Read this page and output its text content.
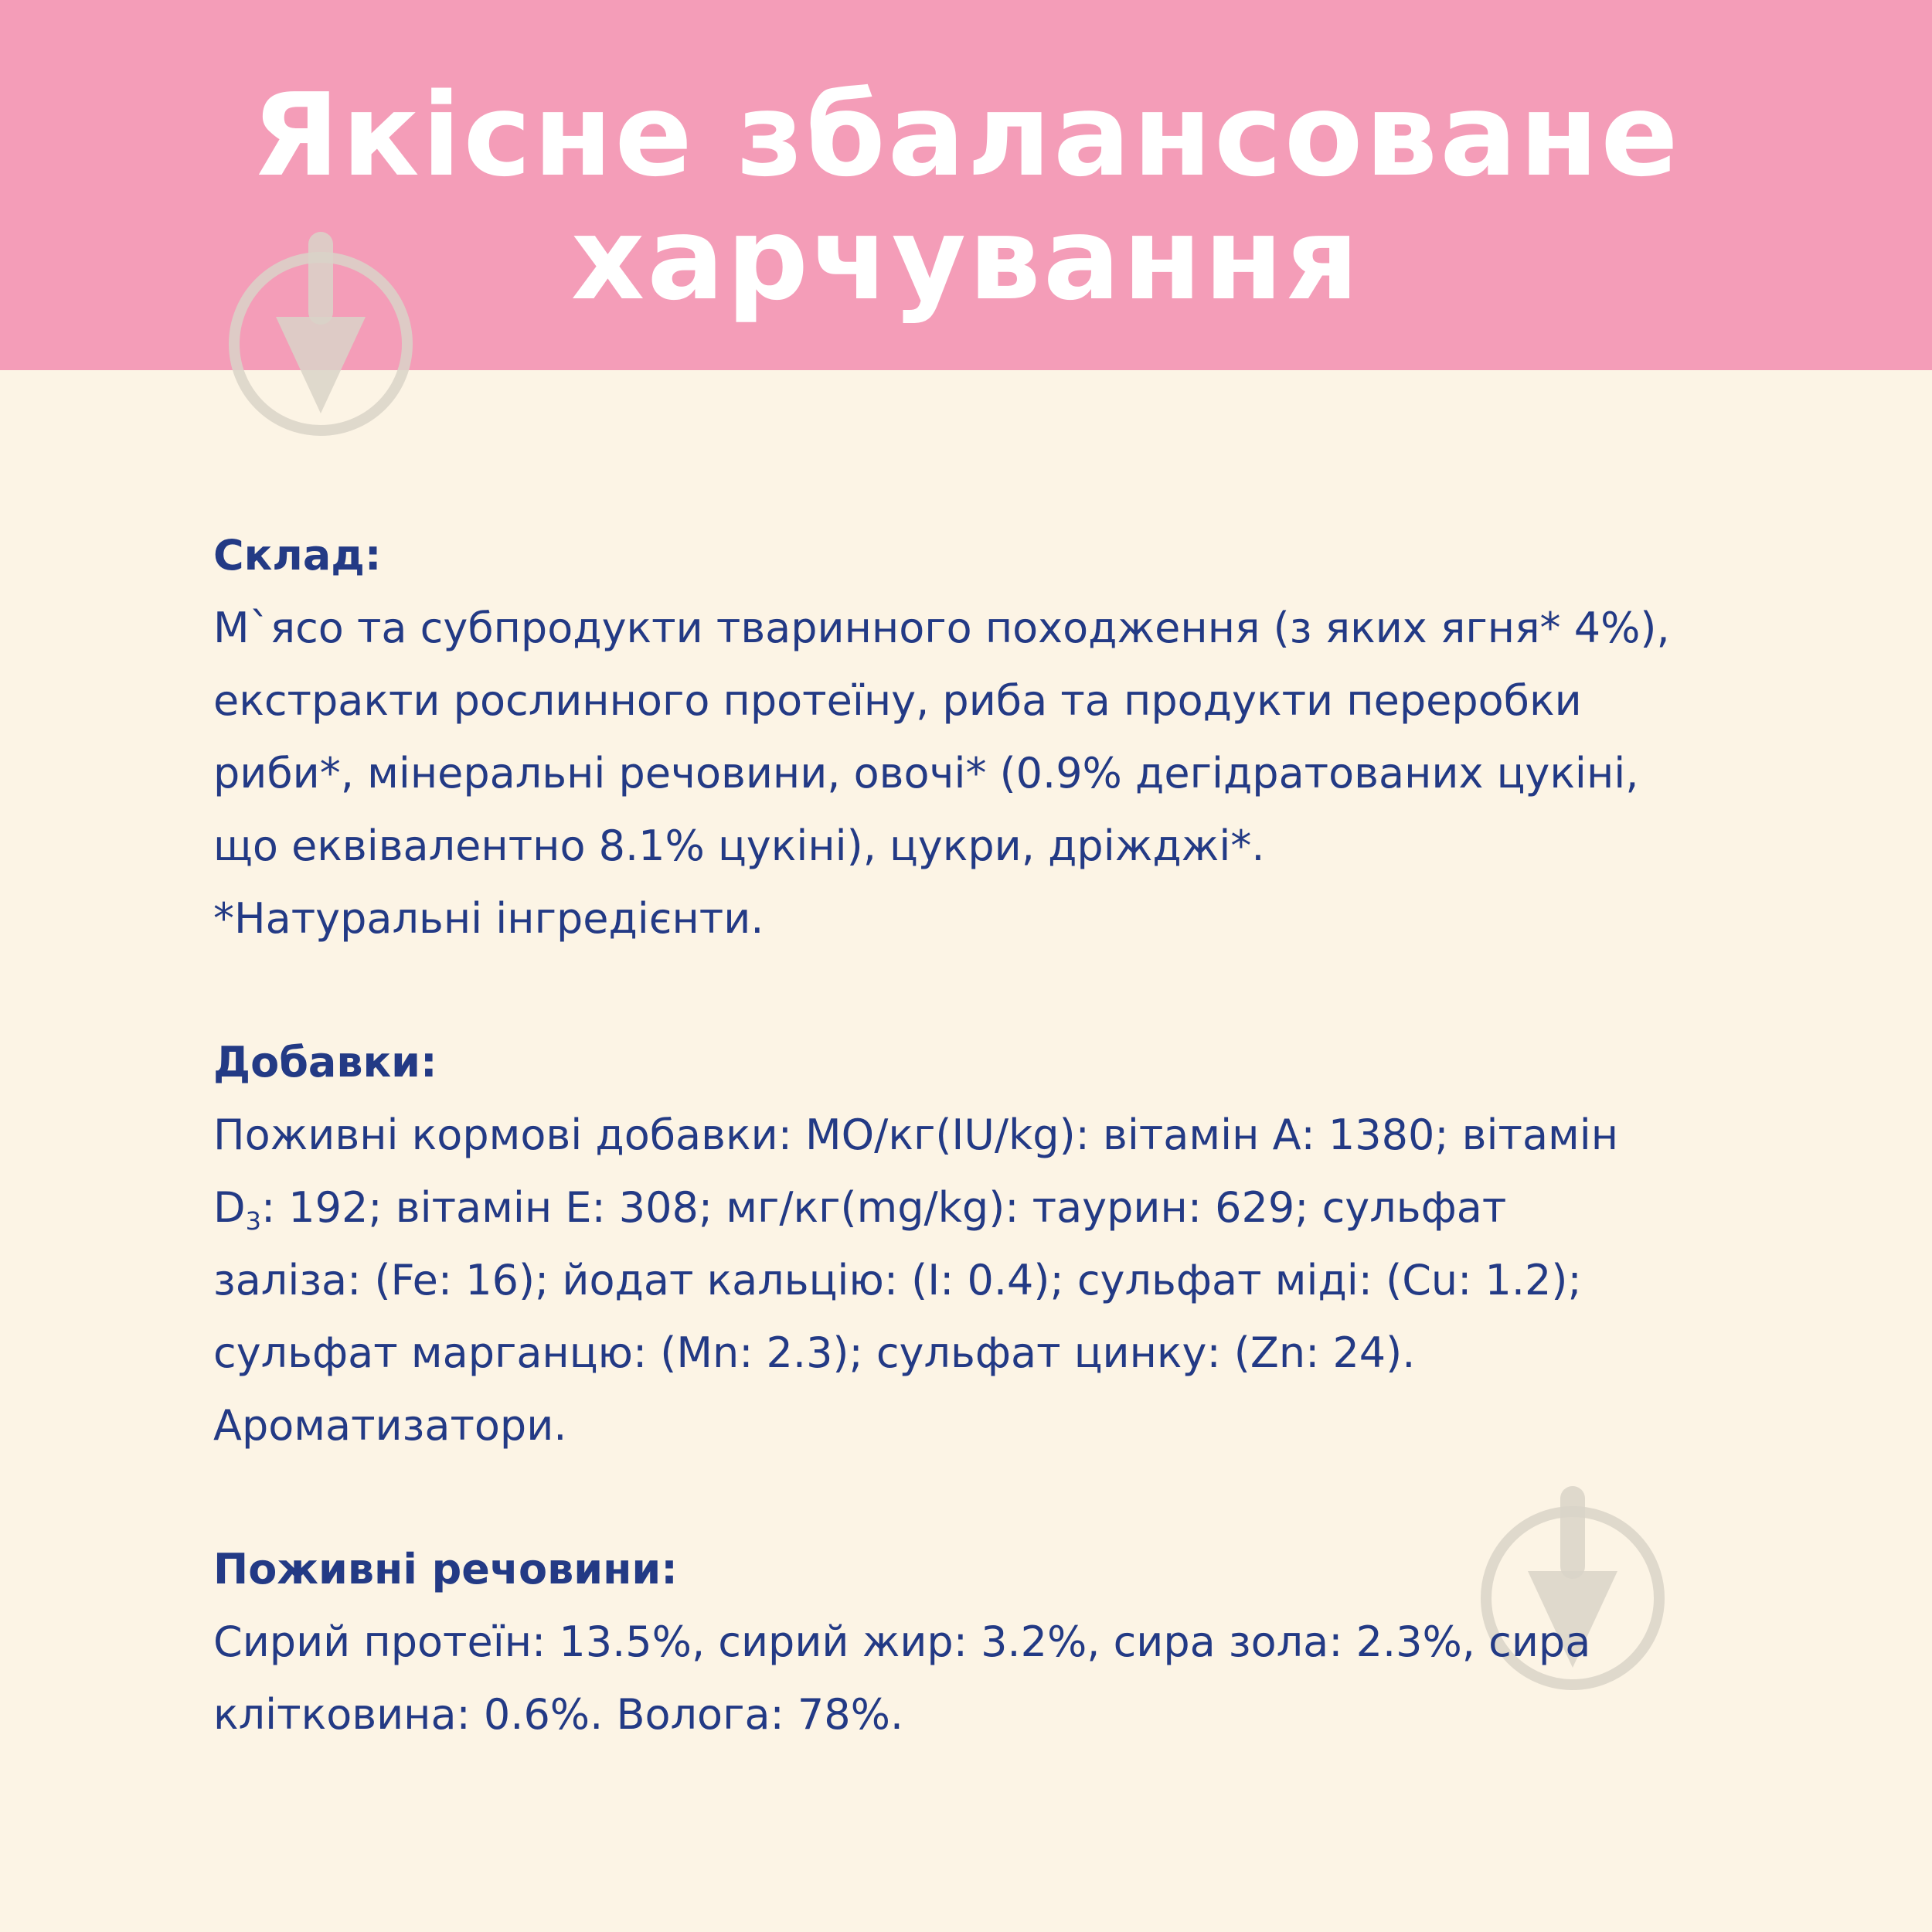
Якісне збалансоване
харчування
Склад:
М`ясо та субпродукти тваринного походження (з яких ягня* 4%),
екстракти рослинного протеїну, риба та продукти переробки
риби*, мінеральні речовини, овочі* (0.9% дегідратованих цукіні,
що еквівалентно 8.1% цукіні), цукри, дріжджі*.
*Натуральні інгредієнти.
Добавки:
Поживні кормові добавки: МО/кг(IU/kg): вітамін А: 1380; вітамін
$D_3$: 192; вітамін Е: 308; мг/кг(mg/kg): таурин: 629; сульфат
заліза: (Fe: 16); йодат кальцію: (I: 0.4); сульфат міді: (Cu: 1.2);
сульфат марганцю: (Mn: 2.3); сульфат цинку: (Zn: 24).
Ароматизатори.
Поживні речовини:
Сирий протеїн: 13.5%, сирий жир: 3.2%, сира зола: 2.3%, сира
клітковина: 0.6%. Вологa: 78%.
